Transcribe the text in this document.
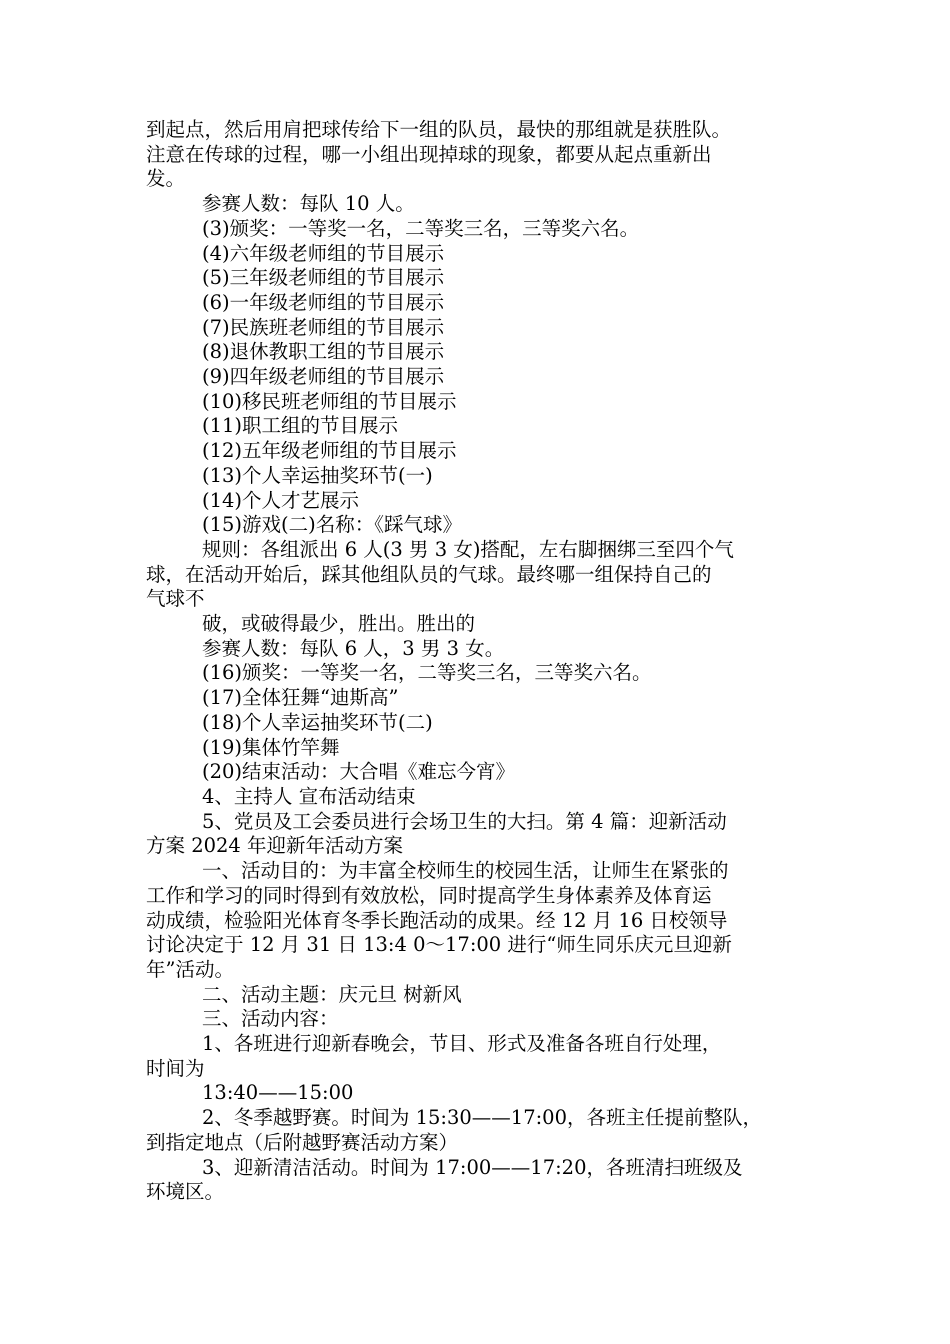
到起点，然后用肩把球传给下一组的队员，最快的那组就是获胜队。

注意在传球的过程，哪一小组出现掉球的现象，都要从起点重新出

发。

参赛人数：每队 10 人。

(3)颁奖：一等奖一名，二等奖三名，三等奖六名。

(4)六年级老师组的节目展示

(5)三年级老师组的节目展示

(6)一年级老师组的节目展示

(7)民族班老师组的节目展示

(8)退休教职工组的节目展示

(9)四年级老师组的节目展示

(10)移民班老师组的节目展示

(11)职工组的节目展示

(12)五年级老师组的节目展示

(13)个人幸运抽奖环节(一)

(14)个人才艺展示

(15)游戏(二)名称：《踩气球》

规则：各组派出 6 人(3 男 3 女)搭配，左右脚捆绑三至四个气

球，在活动开始后，踩其他组队员的气球。最终哪一组保持自己的

气球不

破，或破得最少，胜出。胜出的

参赛人数：每队 6 人，3 男 3 女。

(16)颁奖：一等奖一名，二等奖三名，三等奖六名。

(17)全体狂舞“迪斯高”

(18)个人幸运抽奖环节(二)

(19)集体竹竿舞

(20)结束活动：大合唱《难忘今宵》

4、主持人 宣布活动结束

5、党员及工会委员进行会场卫生的大扫。第 4 篇：迎新活动

方案 2024 年迎新年活动方案

一、活动目的：为丰富全校师生的校园生活，让师生在紧张的

工作和学习的同时得到有效放松，同时提高学生身体素养及体育运

动成绩，检验阳光体育冬季长跑活动的成果。经 12 月 16 日校领导

讨论决定于 12 月 31 日 13:4 0～17:00 进行“师生同乐庆元旦迎新

年”活动。

二、活动主题：庆元旦 树新风

三、活动内容：

1、各班进行迎新春晚会，节目、形式及准备各班自行处理，

时间为

13:40——15:00

2、冬季越野赛。时间为 15:30——17:00，各班主任提前整队，

到指定地点（后附越野赛活动方案）

3、迎新清洁活动。时间为 17:00——17:20，各班清扫班级及

环境区。
